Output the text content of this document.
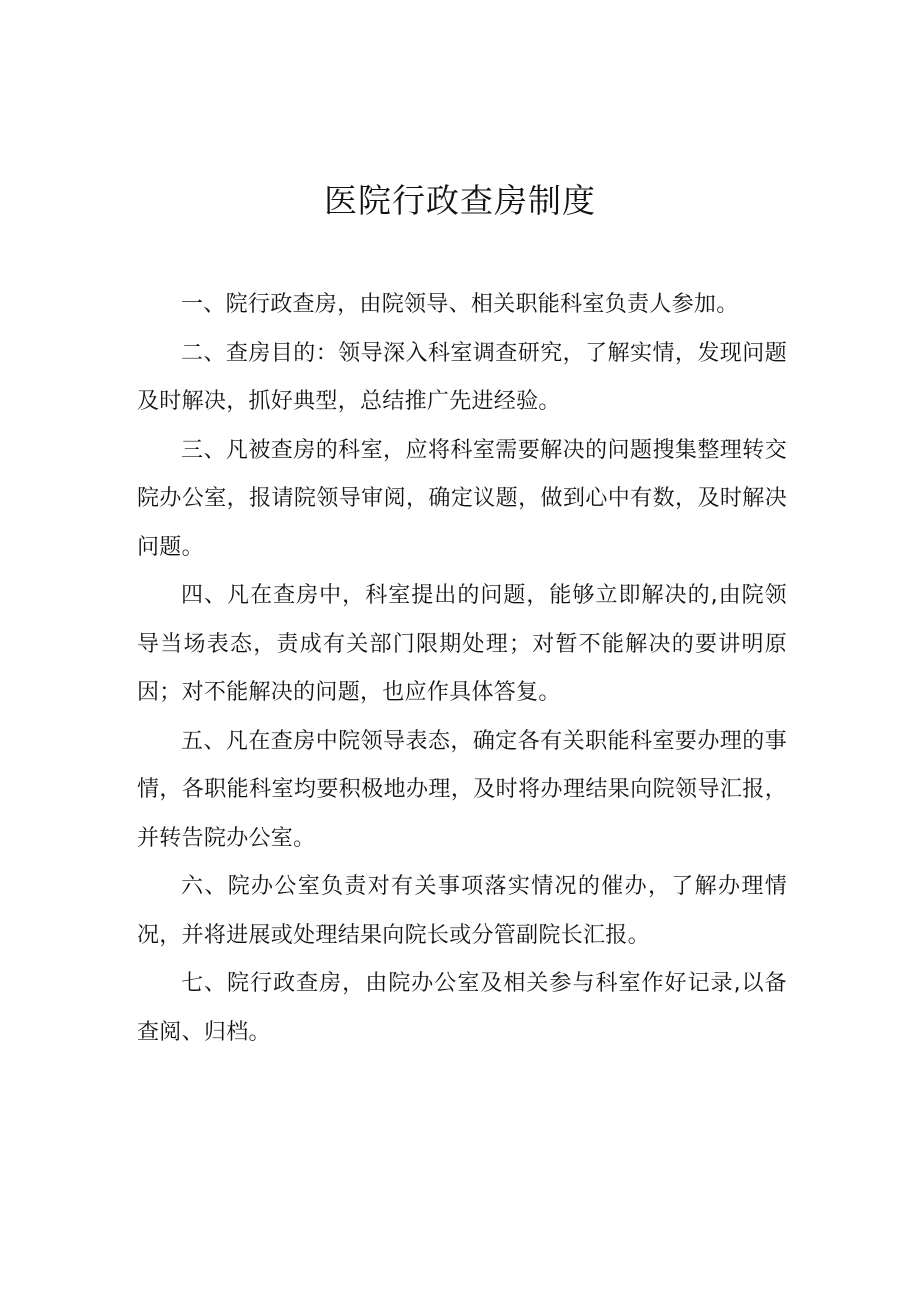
医院行政查房制度

一、院行政查房，由院领导、相关职能科室负责人参加。

二、查房目的：领导深入科室调查研究，了解实情，发现问题及时解决，抓好典型，总结推广先进经验。

三、凡被查房的科室，应将科室需要解决的问题搜集整理转交院办公室，报请院领导审阅，确定议题，做到心中有数，及时解决问题。

四、凡在查房中，科室提出的问题，能够立即解决的,由院领导当场表态，责成有关部门限期处理；对暂不能解决的要讲明原因；对不能解决的问题，也应作具体答复。

五、凡在查房中院领导表态，确定各有关职能科室要办理的事情，各职能科室均要积极地办理，及时将办理结果向院领导汇报，并转告院办公室。

六、院办公室负责对有关事项落实情况的催办，了解办理情况，并将进展或处理结果向院长或分管副院长汇报。

七、院行政查房，由院办公室及相关参与科室作好记录,以备查阅、归档。
